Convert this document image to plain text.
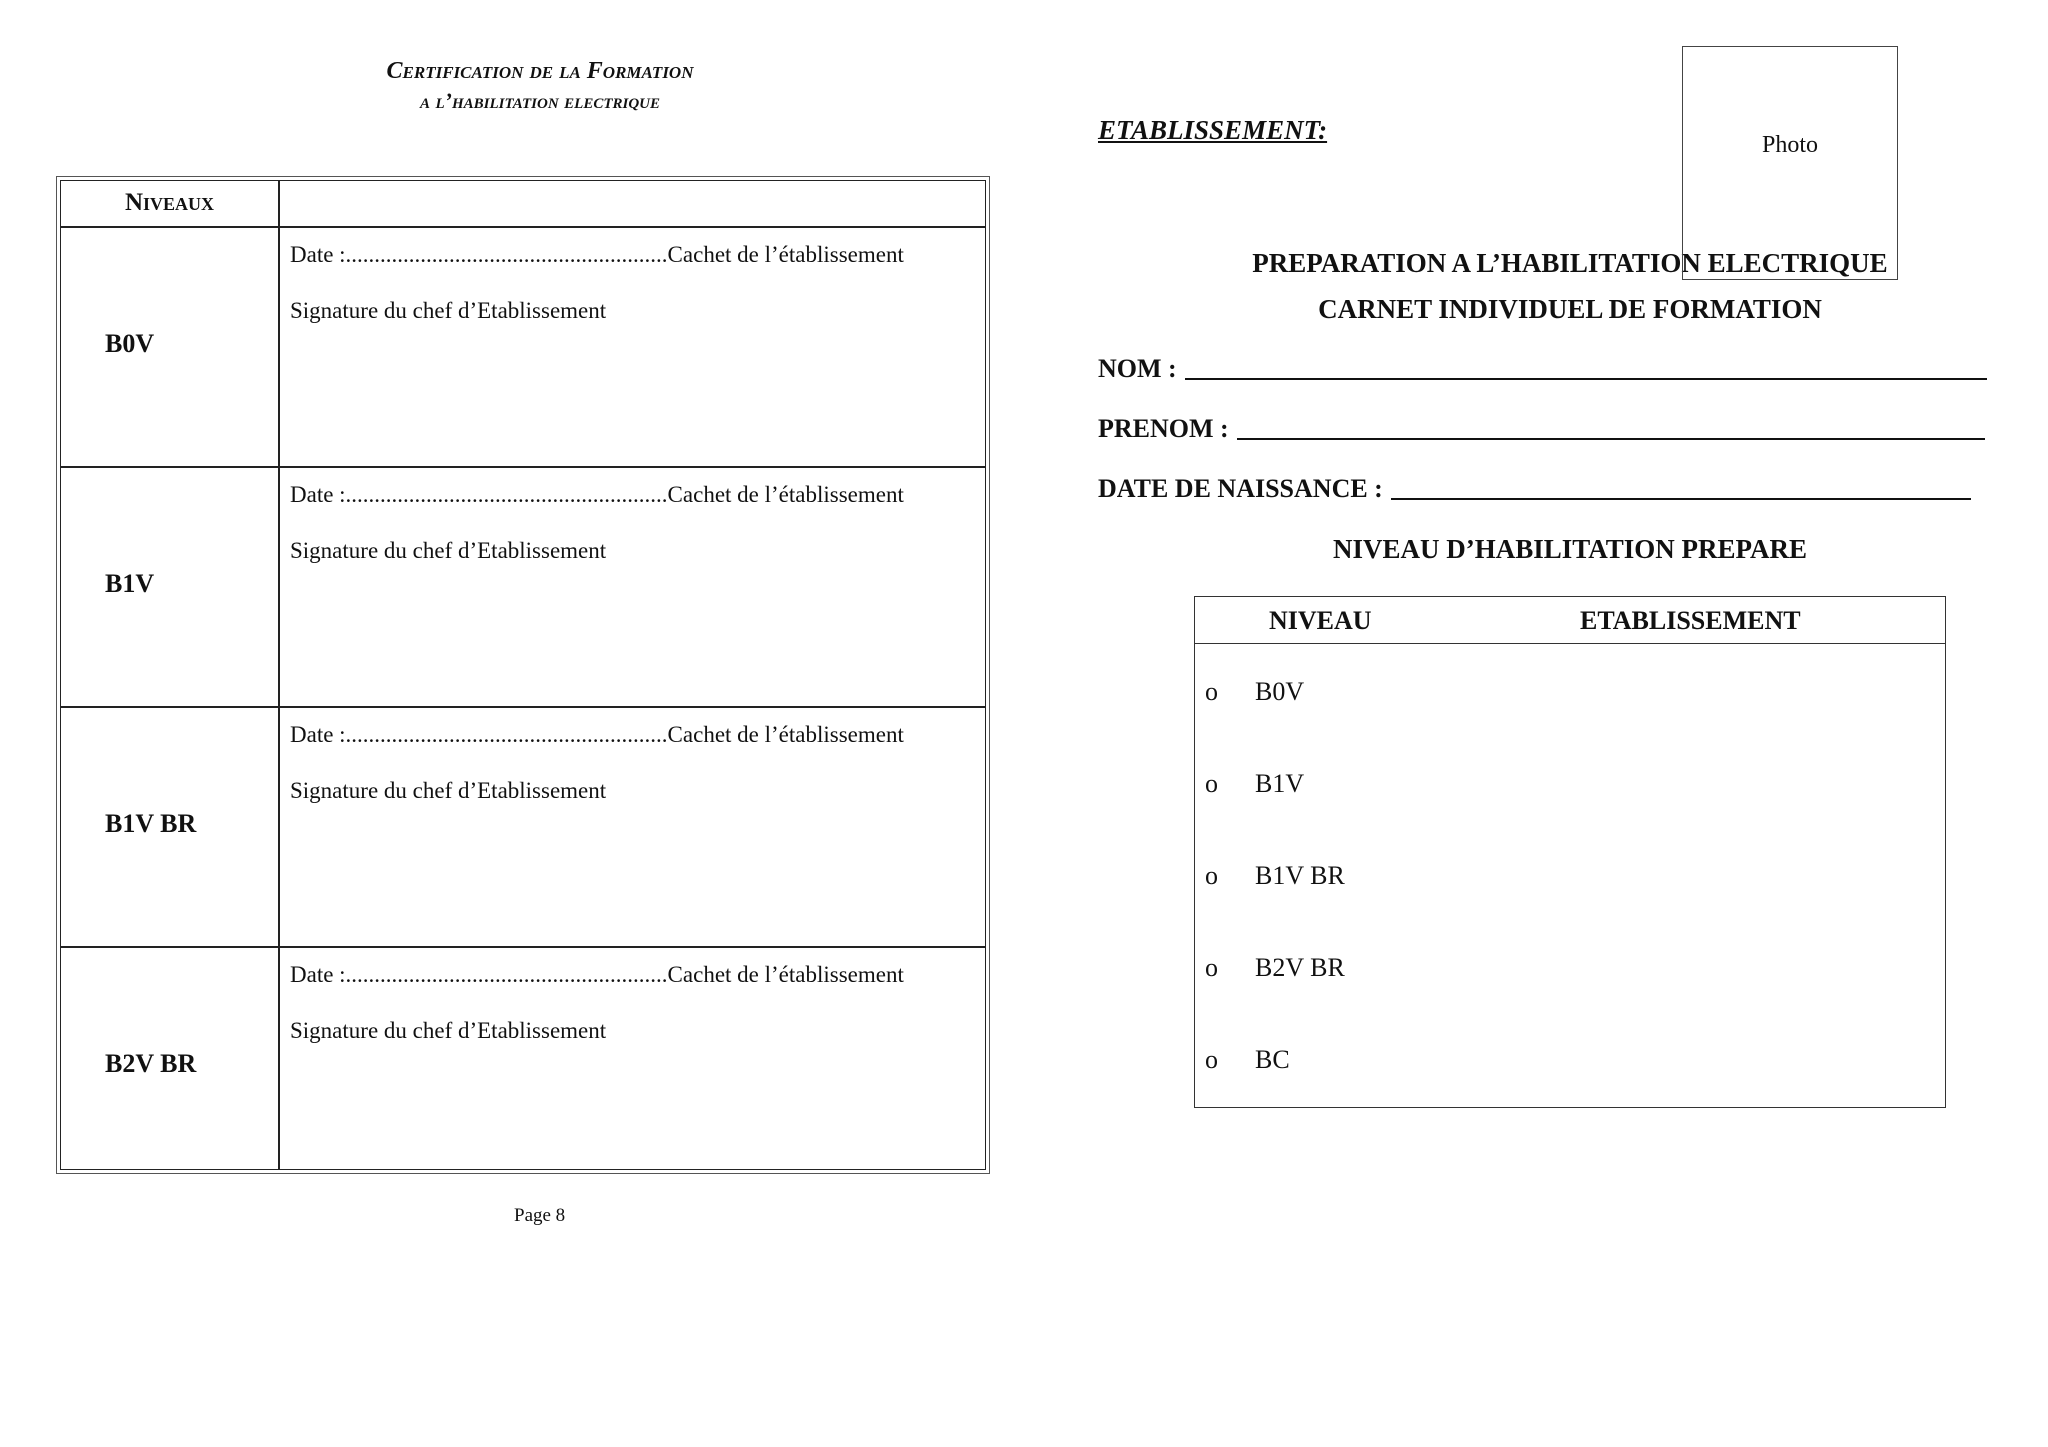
Certification de la Formation
a l’habilitation electrique
Niveaux
B0V
Date :........................................................Cachet de l’établissement
Signature du chef d’Etablissement
B1V
Date :........................................................Cachet de l’établissement
Signature du chef d’Etablissement
B1V BR
Date :........................................................Cachet de l’établissement
Signature du chef d’Etablissement
B2V BR
Date :........................................................Cachet de l’établissement
Signature du chef d’Etablissement
Page 8
ETABLISSEMENT:
PREPARATION A L’HABILITATION ELECTRIQUE
Photo
CARNET INDIVIDUEL DE FORMATION
NOM :
PRENOM :
DATE DE NAISSANCE :
NIVEAU D’HABILITATION PREPARE
NIVEAU	ETABLISSEMENT
o B0V
o B1V
o B1V BR
o B2V BR
o BC
